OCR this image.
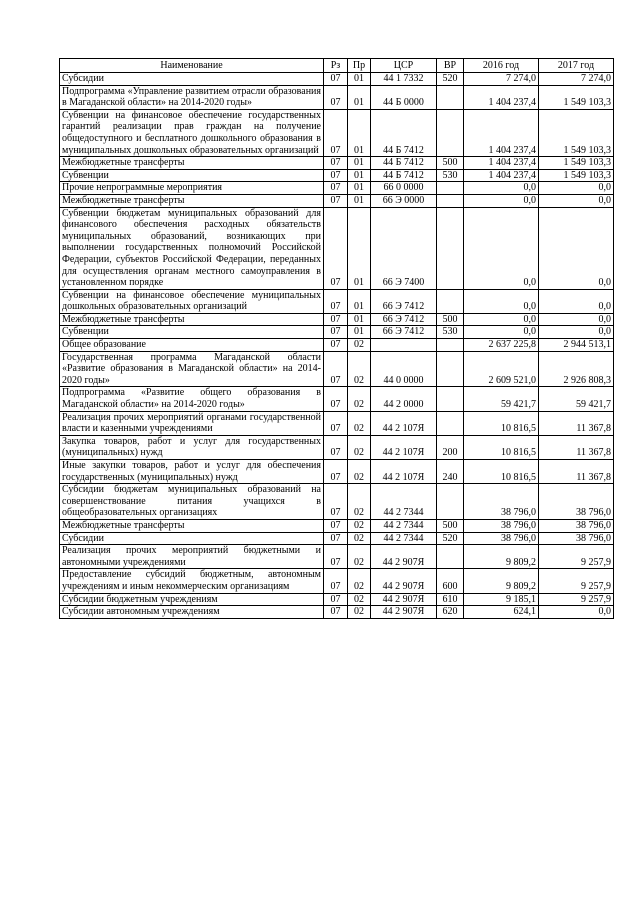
Наименование	Рз	Пр	ЦСР	ВР	2016 год	2017 год
Субсидии	07	01	44 1 7332	520	7 274,0	7 274,0
Подпрограмма «Управление развитием отрасли образования в Магаданской области» на 2014-2020 годы»	07	01	44 Б 0000		1 404 237,4	1 549 103,3
Субвенции на финансовое обеспечение государственных гарантий реализации прав граждан на получение общедоступного и бесплатного дошкольного образования в муниципальных дошкольных образовательных организаций	07	01	44 Б 7412		1 404 237,4	1 549 103,3
Межбюджетные трансферты	07	01	44 Б 7412	500	1 404 237,4	1 549 103,3
Субвенции	07	01	44 Б 7412	530	1 404 237,4	1 549 103,3
Прочие непрограммные мероприятия	07	01	66 0 0000		0,0	0,0
Межбюджетные трансферты	07	01	66 Э 0000		0,0	0,0
Субвенции бюджетам муниципальных образований для финансового обеспечения расходных обязательств муниципальных образований, возникающих при выполнении государственных полномочий Российской Федерации, субъектов Российской Федерации, переданных для осуществления органам местного самоуправления в установленном порядке	07	01	66 Э 7400		0,0	0,0
Субвенции на финансовое обеспечение муниципальных дошкольных образовательных организаций	07	01	66 Э 7412		0,0	0,0
Межбюджетные трансферты	07	01	66 Э 7412	500	0,0	0,0
Субвенции	07	01	66 Э 7412	530	0,0	0,0
Общее образование	07	02			2 637 225,8	2 944 513,1
Государственная программа Магаданской области «Развитие образования в Магаданской области» на 2014-2020 годы»	07	02	44 0 0000		2 609 521,0	2 926 808,3
Подпрограмма «Развитие общего образования в Магаданской области» на 2014-2020 годы»	07	02	44 2 0000		59 421,7	59 421,7
Реализация прочих мероприятий органами государственной власти и казенными учреждениями	07	02	44 2 107Я		10 816,5	11 367,8
Закупка товаров, работ и услуг для государственных (муниципальных) нужд	07	02	44 2 107Я	200	10 816,5	11 367,8
Иные закупки товаров, работ и услуг для обеспечения государственных (муниципальных) нужд	07	02	44 2 107Я	240	10 816,5	11 367,8
Субсидии бюджетам муниципальных образований на совершенствование питания учащихся в общеобразовательных организациях	07	02	44 2 7344		38 796,0	38 796,0
Межбюджетные трансферты	07	02	44 2 7344	500	38 796,0	38 796,0
Субсидии	07	02	44 2 7344	520	38 796,0	38 796,0
Реализация прочих мероприятий бюджетными и автономными учреждениями	07	02	44 2 907Я		9 809,2	9 257,9
Предоставление субсидий бюджетным, автономным учреждениям и иным некоммерческим организациям	07	02	44 2 907Я	600	9 809,2	9 257,9
Субсидии бюджетным учреждениям	07	02	44 2 907Я	610	9 185,1	9 257,9
Субсидии автономным учреждениям	07	02	44 2 907Я	620	624,1	0,0
